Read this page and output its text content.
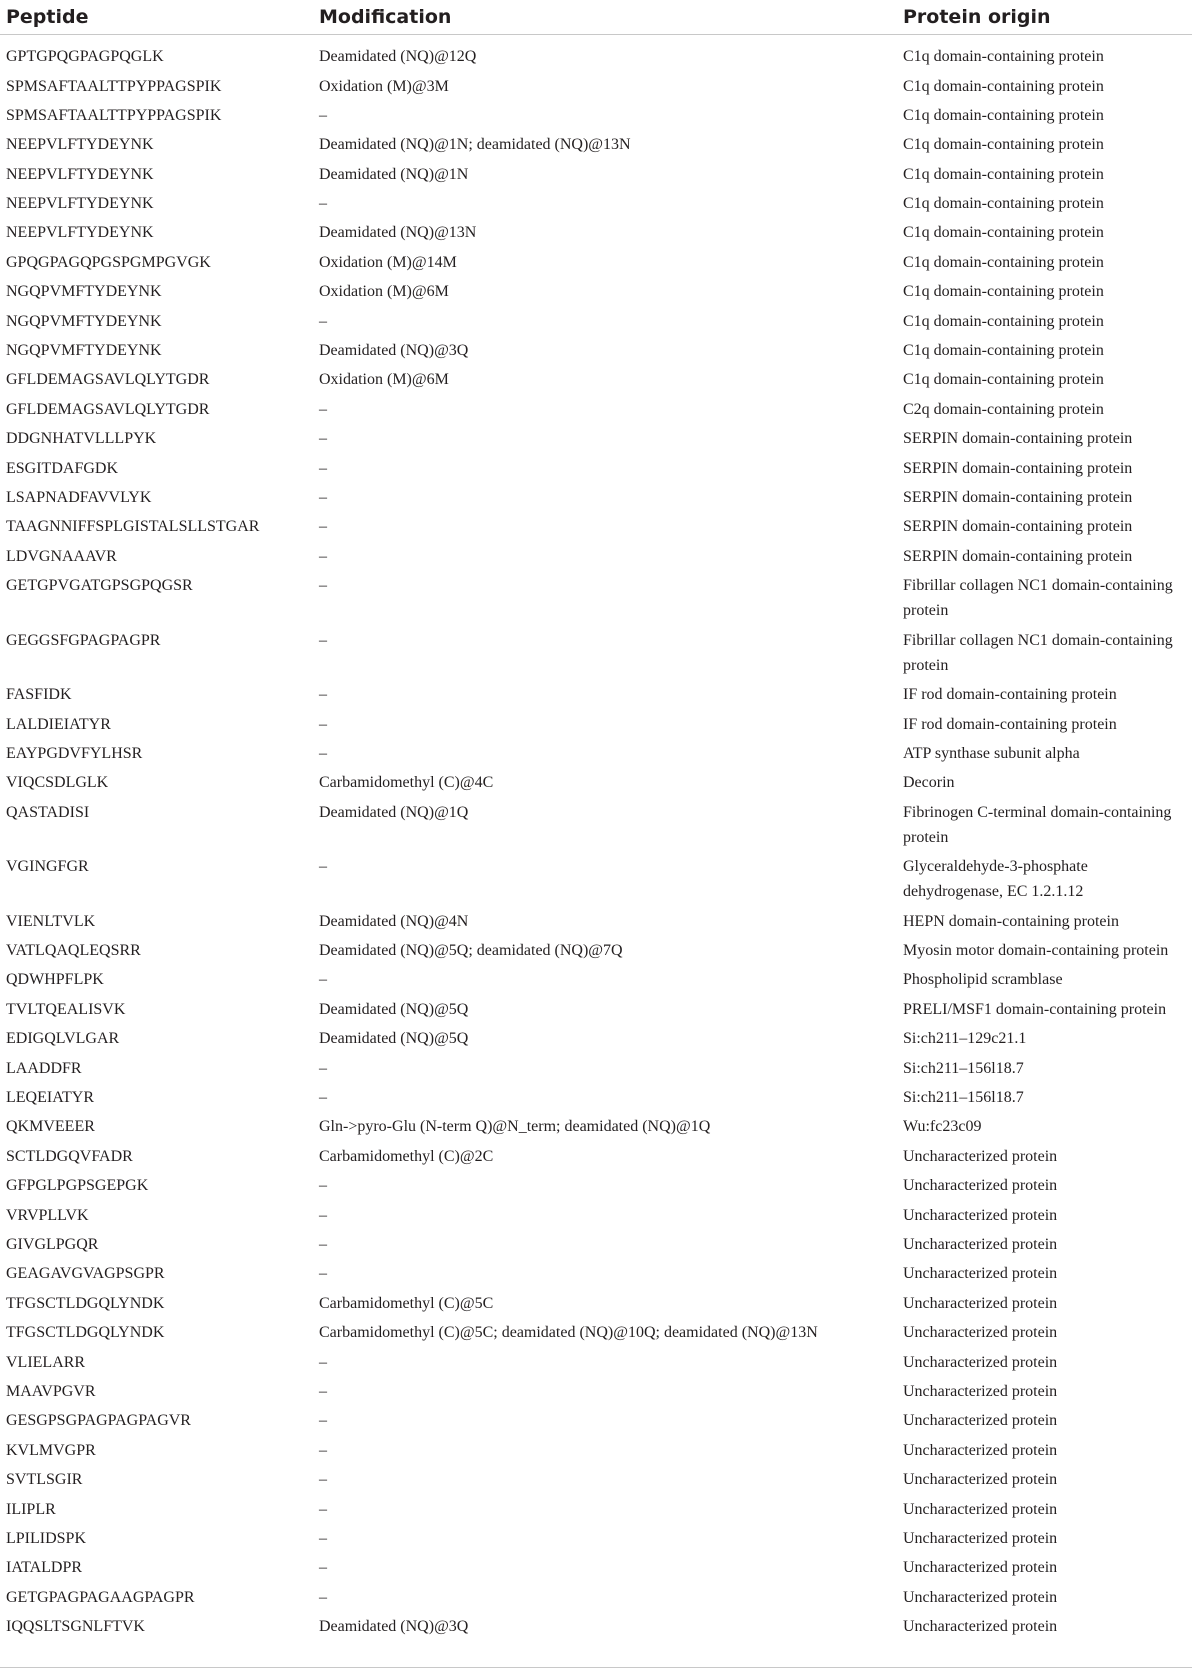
Peptide	Modification	Protein origin
GPTGPQGPAGPQGLK	Deamidated (NQ)@12Q	C1q domain-containing protein
SPMSAFTAALTTPYPPAGSPIK	Oxidation (M)@3M	C1q domain-containing protein
SPMSAFTAALTTPYPPAGSPIK	–	C1q domain-containing protein
NEEPVLFTYDEYNK	Deamidated (NQ)@1N; deamidated (NQ)@13N	C1q domain-containing protein
NEEPVLFTYDEYNK	Deamidated (NQ)@1N	C1q domain-containing protein
NEEPVLFTYDEYNK	–	C1q domain-containing protein
NEEPVLFTYDEYNK	Deamidated (NQ)@13N	C1q domain-containing protein
GPQGPAGQPGSPGMPGVGK	Oxidation (M)@14M	C1q domain-containing protein
NGQPVMFTYDEYNK	Oxidation (M)@6M	C1q domain-containing protein
NGQPVMFTYDEYNK	–	C1q domain-containing protein
NGQPVMFTYDEYNK	Deamidated (NQ)@3Q	C1q domain-containing protein
GFLDEMAGSAVLQLYTGDR	Oxidation (M)@6M	C1q domain-containing protein
GFLDEMAGSAVLQLYTGDR	–	C2q domain-containing protein
DDGNHATVLLLPYK	–	SERPIN domain-containing protein
ESGITDAFGDK	–	SERPIN domain-containing protein
LSAPNADFAVVLYK	–	SERPIN domain-containing protein
TAAGNNIFFSPLGISTALSLLSTGAR	–	SERPIN domain-containing protein
LDVGNAAAVR	–	SERPIN domain-containing protein
GETGPVGATGPSGPQGSR	–	Fibrillar collagen NC1 domain-containing protein
GEGGSFGPAGPAGPR	–	Fibrillar collagen NC1 domain-containing protein
FASFIDK	–	IF rod domain-containing protein
LALDIEIATYR	–	IF rod domain-containing protein
EAYPGDVFYLHSR	–	ATP synthase subunit alpha
VIQCSDLGLK	Carbamidomethyl (C)@4C	Decorin
QASTADISI	Deamidated (NQ)@1Q	Fibrinogen C-terminal domain-containing protein
VGINGFGR	–	Glyceraldehyde-3-phosphate dehydrogenase, EC 1.2.1.12
VIENLTVLK	Deamidated (NQ)@4N	HEPN domain-containing protein
VATLQAQLEQSRR	Deamidated (NQ)@5Q; deamidated (NQ)@7Q	Myosin motor domain-containing protein
QDWHPFLPK	–	Phospholipid scramblase
TVLTQEALISVK	Deamidated (NQ)@5Q	PRELI/MSF1 domain-containing protein
EDIGQLVLGAR	Deamidated (NQ)@5Q	Si:ch211–129c21.1
LAADDFR	–	Si:ch211–156l18.7
LEQEIATYR	–	Si:ch211–156l18.7
QKMVEEER	Gln->pyro-Glu (N-term Q)@N_term; deamidated (NQ)@1Q	Wu:fc23c09
SCTLDGQVFADR	Carbamidomethyl (C)@2C	Uncharacterized protein
GFPGLPGPSGEPGK	–	Uncharacterized protein
VRVPLLVK	–	Uncharacterized protein
GIVGLPGQR	–	Uncharacterized protein
GEAGAVGVAGPSGPR	–	Uncharacterized protein
TFGSCTLDGQLYNDK	Carbamidomethyl (C)@5C	Uncharacterized protein
TFGSCTLDGQLYNDK	Carbamidomethyl (C)@5C; deamidated (NQ)@10Q; deamidated (NQ)@13N	Uncharacterized protein
VLIELARR	–	Uncharacterized protein
MAAVPGVR	–	Uncharacterized protein
GESGPSGPAGPAGPAGVR	–	Uncharacterized protein
KVLMVGPR	–	Uncharacterized protein
SVTLSGIR	–	Uncharacterized protein
ILIPLR	–	Uncharacterized protein
LPILIDSPK	–	Uncharacterized protein
IATALDPR	–	Uncharacterized protein
GETGPAGPAGAAGPAGPR	–	Uncharacterized protein
IQQSLTSGNLFTVK	Deamidated (NQ)@3Q	Uncharacterized protein
